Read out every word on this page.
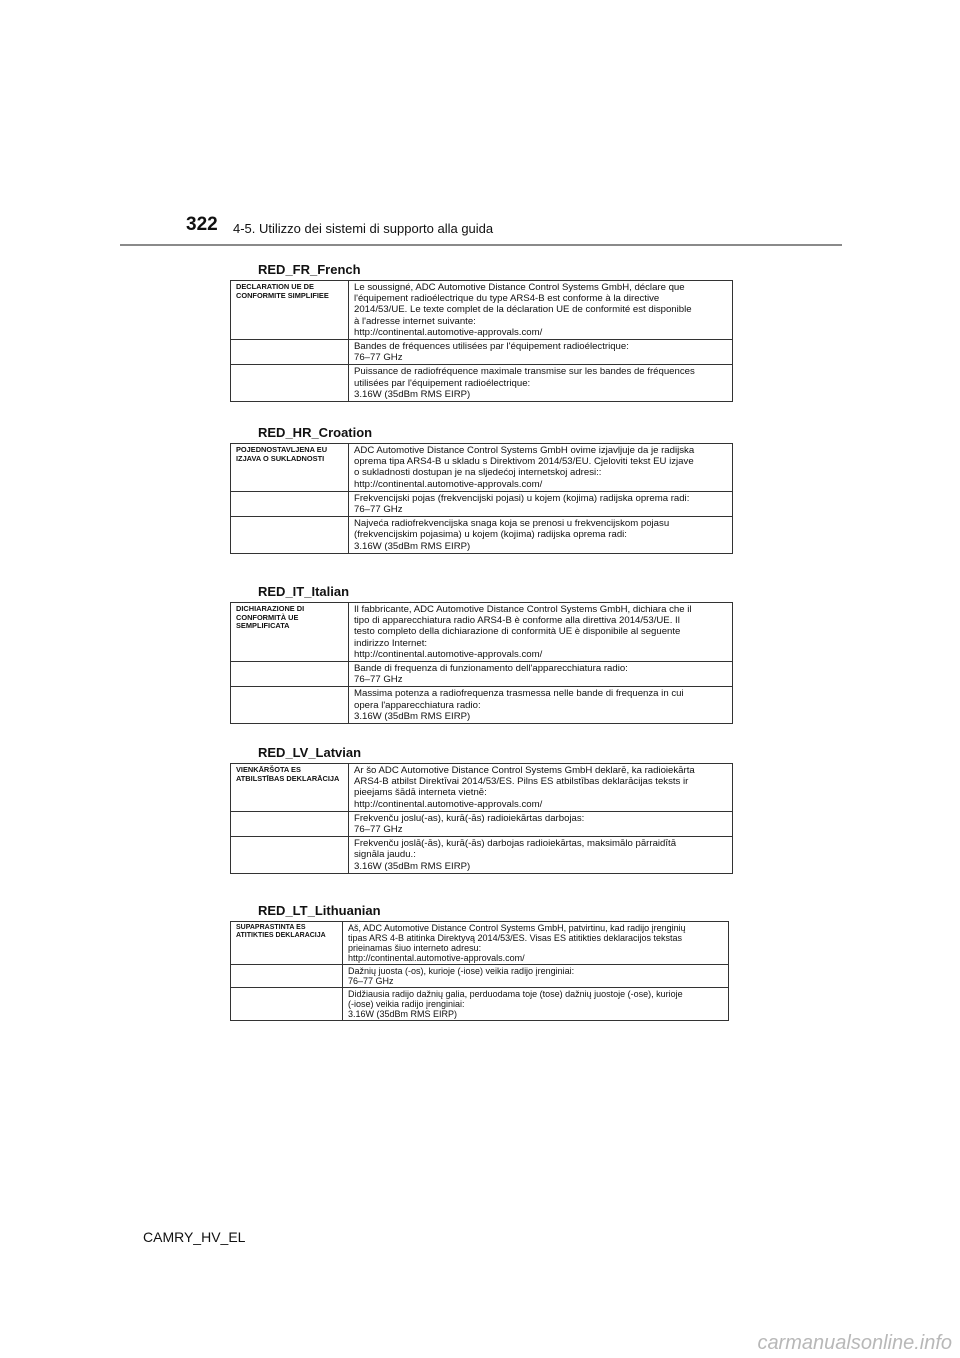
322 4-5. Utilizzo dei sistemi di supporto alla guida
RED_FR_French
DECLARATION UE DE CONFORMITE SIMPLIFIEE	Le soussigné, ADC Automotive Distance Control Systems GmbH, déclare que
l'équipement radioélectrique du type ARS4-B est conforme à la directive
2014/53/UE. Le texte complet de la déclaration UE de conformité est disponible
à l'adresse internet suivante:
http://continental.automotive-approvals.com/

	Bandes de fréquences utilisées par l'équipement radioélectrique:
76–77 GHz

	Puissance de radiofréquence maximale transmise sur les bandes de fréquences
utilisées par l'équipement radioélectrique:
3.16W (35dBm RMS EIRP)
RED_HR_Croation
POJEDNOSTAVLJENA EU IZJAVA O SUKLADNOSTI	ADC Automotive Distance Control Systems GmbH ovime izjavljuje da je radijska
oprema tipa ARS4-B u skladu s Direktivom 2014/53/EU. Cjeloviti tekst EU izjave
o sukladnosti dostupan je na sljedećoj internetskoj adresi::
http://continental.automotive-approvals.com/

	Frekvencijski pojas (frekvencijski pojasi) u kojem (kojima) radijska oprema radi:
76–77 GHz

	Najveća radiofrekvencijska snaga koja se prenosi u frekvencijskom pojasu
(frekvencijskim pojasima) u kojem (kojima) radijska oprema radi:
3.16W (35dBm RMS EIRP)
RED_IT_Italian
DICHIARAZIONE DI CONFORMITÀ UE SEMPLIFICATA	Il fabbricante, ADC Automotive Distance Control Systems GmbH, dichiara che il
tipo di apparecchiatura radio ARS4-B è conforme alla direttiva 2014/53/UE. Il
testo completo della dichiarazione di conformità UE è disponibile al seguente
indirizzo Internet:
http://continental.automotive-approvals.com/

	Bande di frequenza di funzionamento dell'apparecchiatura radio:
76–77 GHz

	Massima potenza a radiofrequenza trasmessa nelle bande di frequenza in cui
opera l'apparecchiatura radio:
3.16W (35dBm RMS EIRP)
RED_LV_Latvian
VIENKĀRŠOTA ES ATBILSTĪBAS DEKLARĀCIJA	Ar šo ADC Automotive Distance Control Systems GmbH deklarē, ka radioiekārta
ARS4-B atbilst Direktīvai 2014/53/ES. Pilns ES atbilstības deklarācijas teksts ir
pieejams šādā interneta vietnē:
http://continental.automotive-approvals.com/

	Frekvenču joslu(-as), kurā(-ās) radioiekārtas darbojas:
76–77 GHz

	Frekvenču joslā(-ās), kurā(-ās) darbojas radioiekārtas, maksimālo pārraidītā
signāla jaudu.:
3.16W (35dBm RMS EIRP)
RED_LT_Lithuanian
SUPAPRASTINTA ES ATITIKTIES DEKLARACIJA	Aš, ADC Automotive Distance Control Systems GmbH, patvirtinu, kad radijo įrenginių
tipas ARS 4-B atitinka Direktyvą 2014/53/ES. Visas ES atitikties deklaracijos tekstas
prieinamas šiuo interneto adresu:
http://continental.automotive-approvals.com/

	Dažnių juosta (-os), kurioje (-iose) veikia radijo įrenginiai:
76–77 GHz

	Didžiausia radijo dažnių galia, perduodama toje (tose) dažnių juostoje (-ose), kurioje
(-iose) veikia radijo įrenginiai:
3.16W (35dBm RMS EIRP)
CAMRY_HV_EL
carmanualsonline.info
